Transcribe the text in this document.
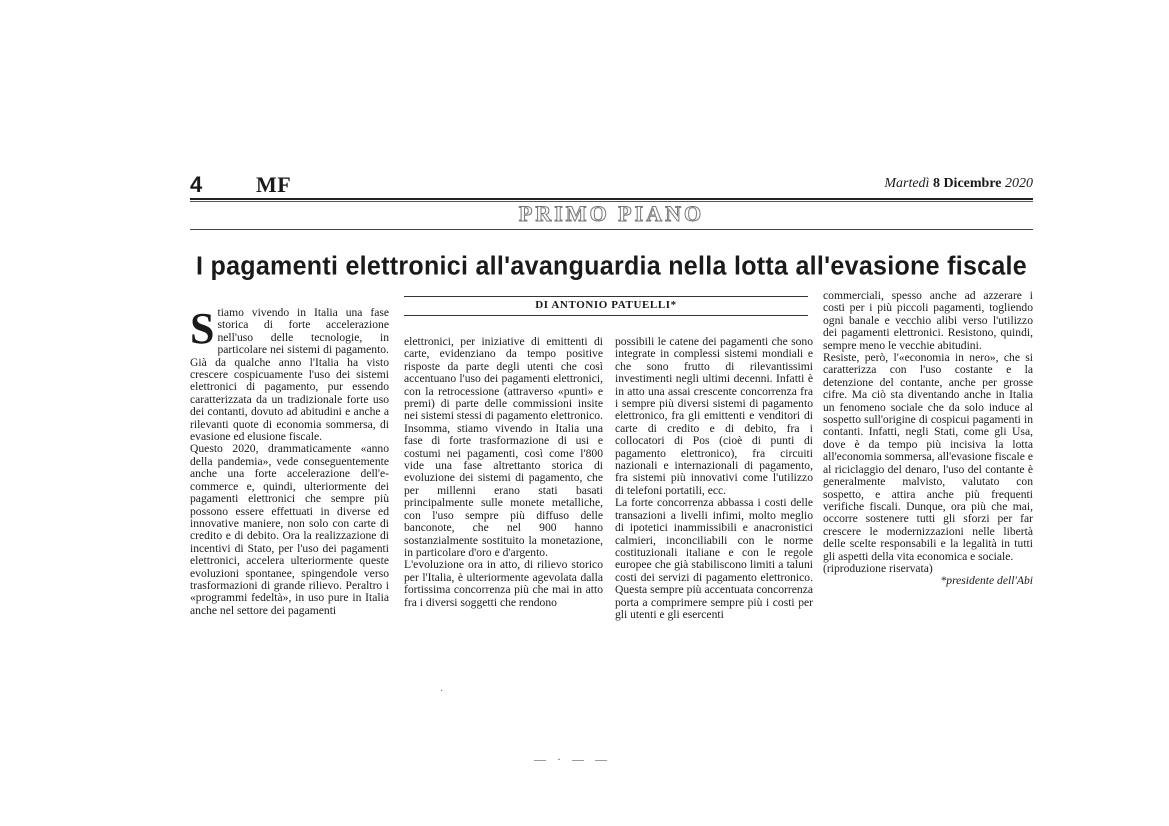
4 MF	Martedì 8 Dicembre 2020
PRIMO PIANO
I pagamenti elettronici all'avanguardia nella lotta all'evasione fiscale
DI ANTONIO PATUELLI*

Stiamo vivendo in Italia una fase storica di forte accelerazione nell'uso delle tecnologie, in particolare nei sistemi di pagamento. Già da qualche anno l'Italia ha visto crescere cospicuamente l'uso dei sistemi elettronici di pagamento, pur essendo caratterizzata da un tradizionale forte uso dei contanti, dovuto ad abitudini e anche a rilevanti quote di economia sommersa, di evasione ed elusione fiscale.

Questo 2020, drammaticamente «anno della pandemia», vede conseguentemente anche una forte accelerazione dell'e-commerce e, quindi, ulteriormente dei pagamenti elettronici che sempre più possono essere effettuati in diverse ed innovative maniere, non solo con carte di credito e di debito. Ora la realizzazione di incentivi di Stato, per l'uso dei pagamenti elettronici, accelera ulteriormente queste evoluzioni spontanee, spingendole verso trasformazioni di grande rilievo. Peraltro i «programmi fedeltà», in uso pure in Italia anche nel settore dei pagamenti

elettronici, per iniziative di emittenti di carte, evidenziano da tempo positive risposte da parte degli utenti che così accentuano l'uso dei pagamenti elettronici, con la retrocessione (attraverso «punti» e premi) di parte delle commissioni insite nei sistemi stessi di pagamento elettronico. Insomma, stiamo vivendo in Italia una fase di forte trasformazione di usi e costumi nei pagamenti, così come l'800 vide una fase altrettanto storica di evoluzione dei sistemi di pagamento, che per millenni erano stati basati principalmente sulle monete metalliche, con l'uso sempre più diffuso delle banconote, che nel 900 hanno sostanzialmente sostituito la monetazione, in particolare d'oro e d'argento.

L'evoluzione ora in atto, di rilievo storico per l'Italia, è ulteriormente agevolata dalla fortissima concorrenza più che mai in atto fra i diversi soggetti che rendono

possibili le catene dei pagamenti che sono integrate in complessi sistemi mondiali e che sono frutto di rilevantissimi investimenti negli ultimi decenni. Infatti è in atto una assai crescente concorrenza fra i sempre più diversi sistemi di pagamento elettronico, fra gli emittenti e venditori di carte di credito e di debito, fra i collocatori di Pos (cioè di punti di pagamento elettronico), fra circuiti nazionali e internazionali di pagamento, fra sistemi più innovativi come l'utilizzo di telefoni portatili, ecc.

La forte concorrenza abbassa i costi delle transazioni a livelli infimi, molto meglio di ipotetici inammissibili e anacronistici calmieri, inconciliabili con le norme costituzionali italiane e con le regole europee che già stabiliscono limiti a taluni costi dei servizi di pagamento elettronico. Questa sempre più accentuata concorrenza porta a comprimere sempre più i costi per gli utenti e gli esercenti

commerciali, spesso anche ad azzerare i costi per i più piccoli pagamenti, togliendo ogni banale e vecchio alibi verso l'utilizzo dei pagamenti elettronici. Resistono, quindi, sempre meno le vecchie abitudini.

Resiste, però, l'«economia in nero», che si caratterizza con l'uso costante e la detenzione del contante, anche per grosse cifre. Ma ciò sta diventando anche in Italia un fenomeno sociale che da solo induce al sospetto sull'origine di cospicui pagamenti in contanti. Infatti, negli Stati, come gli Usa, dove è da tempo più incisiva la lotta all'economia sommersa, all'evasione fiscale e al riciclaggio del denaro, l'uso del contante è generalmente malvisto, valutato con sospetto, e attira anche più frequenti verifiche fiscali. Dunque, ora più che mai, occorre sostenere tutti gli sforzi per far crescere le modernizzazioni nelle libertà delle scelte responsabili e la legalità in tutti gli aspetti della vita economica e sociale.

(riproduzione riservata)

*presidente dell'Abi

·
— · — —
